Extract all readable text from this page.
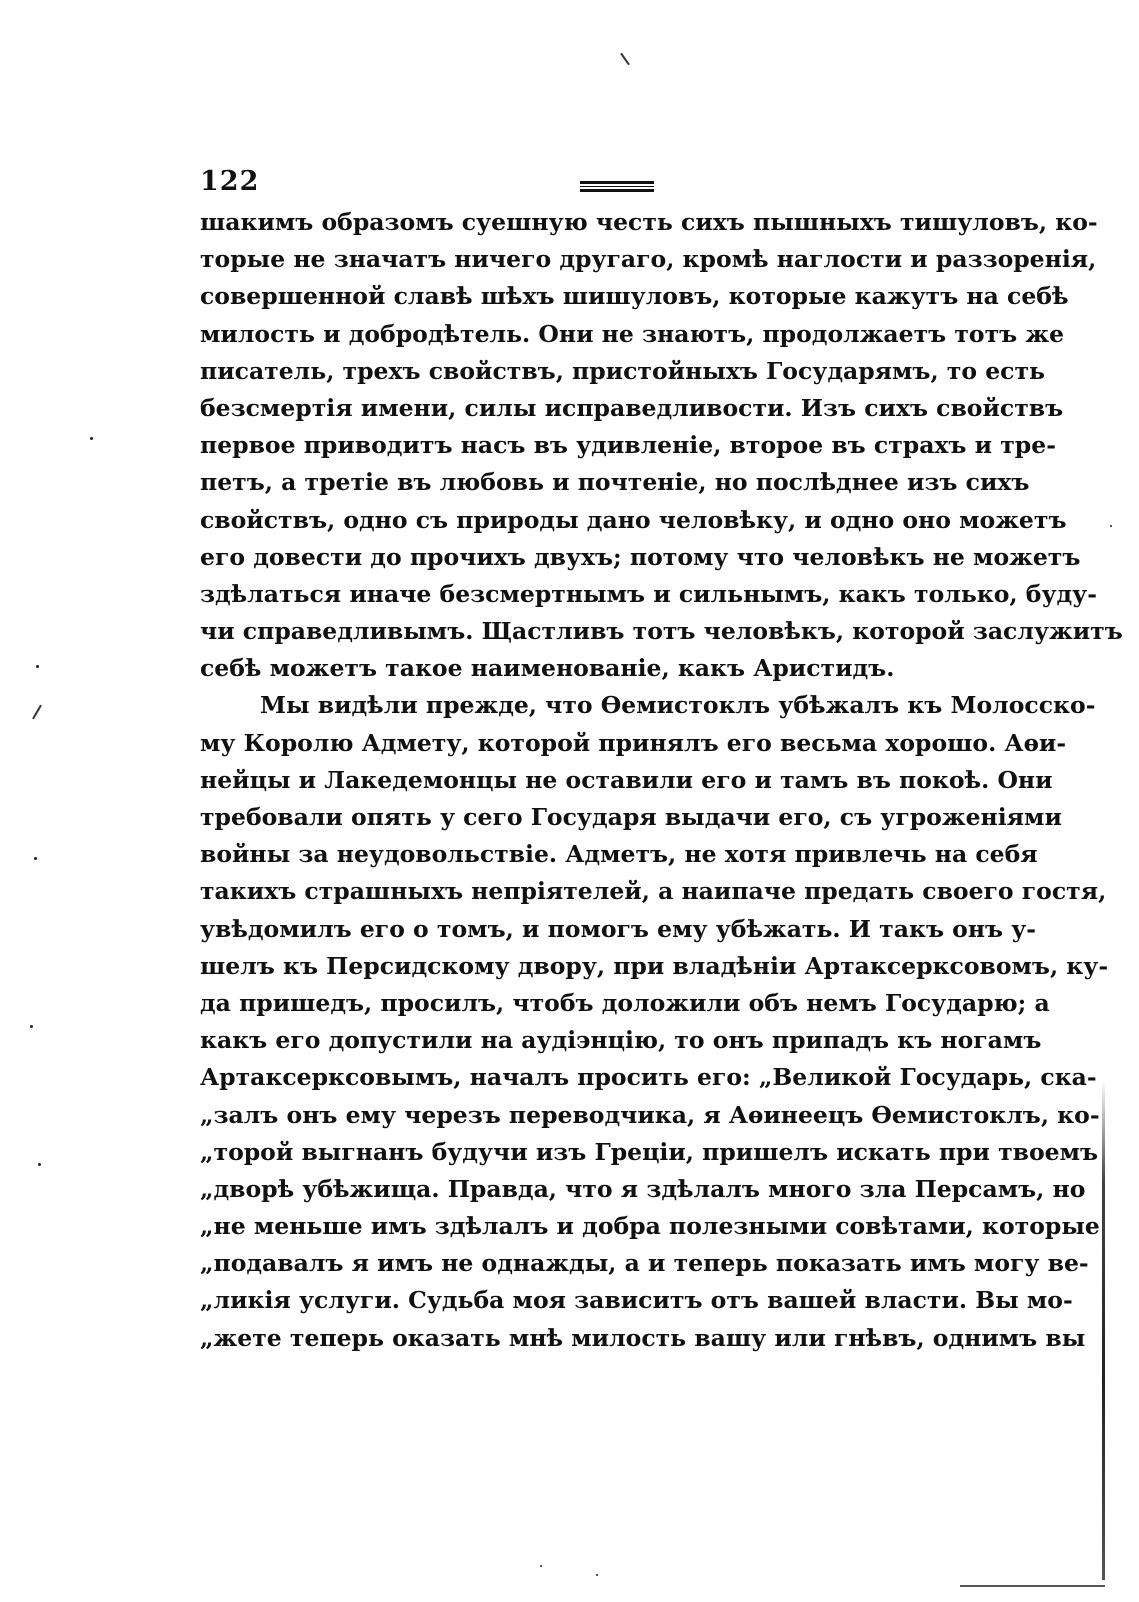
122
шакимъ образомъ суешную честь сихъ пышныхъ тишуловъ, ко-
торые не значатъ ничего другаго, кромѣ наглости и раззоренія,
совершенной славѣ шѣхъ шишуловъ, которые кажутъ на себѣ
милость и добродѣтель. Они не знаютъ, продолжаетъ тотъ же
писатель, трехъ свойствъ, пристойныхъ Государямъ, то есть
безсмертія имени, силы исправедливости. Изъ сихъ свойствъ
первое приводитъ насъ въ удивленіе, второе въ страхъ и тре-
петъ, а третіе въ любовь и почтеніе, но послѣднее изъ сихъ
свойствъ, одно съ природы дано человѣку, и одно оно можетъ
его довести до прочихъ двухъ; потому что человѣкъ не можетъ
здѣлаться иначе безсмертнымъ и сильнымъ, какъ только, буду-
чи справедливымъ. Щастливъ тотъ человѣкъ, которой заслужитъ
себѣ можетъ такое наименованіе, какъ Аристидъ.
Мы видѣли прежде, что Ѳемистоклъ убѣжалъ къ Молосско-
му Королю Адмету, которой принялъ его весьма хорошо. Аѳи-
нейцы и Лакедемонцы не оставили его и тамъ въ покоѣ. Они
требовали опять у сего Государя выдачи его, съ угроженіями
войны за неудовольствіе. Адметъ, не хотя привлечь на себя
такихъ страшныхъ непріятелей, а наипаче предать своего гостя,
увѣдомилъ его о томъ, и помогъ ему убѣжать. И такъ онъ у-
шелъ къ Персидскому двору, при владѣніи Артаксерксовомъ, ку-
да пришедъ, просилъ, чтобъ доложили объ немъ Государю; а
какъ его допустили на аудіэнцію, то онъ припадъ къ ногамъ
Артаксерксовымъ, началъ просить его: „Великой Государь, ска-
„залъ онъ ему черезъ переводчика, я Аѳинеецъ Ѳемистоклъ, ко-
„торой выгнанъ будучи изъ Греціи, пришелъ искать при твоемъ
„дворѣ убѣжища. Правда, что я здѣлалъ много зла Персамъ, но
„не меньше имъ здѣлалъ и добра полезными совѣтами, которые
„подавалъ я имъ не однажды, а и теперь показать имъ могу ве-
„ликія услуги. Судьба моя зависитъ отъ вашей власти. Вы мо-
„жете теперь оказать мнѣ милость вашу или гнѣвъ, однимъ вы
